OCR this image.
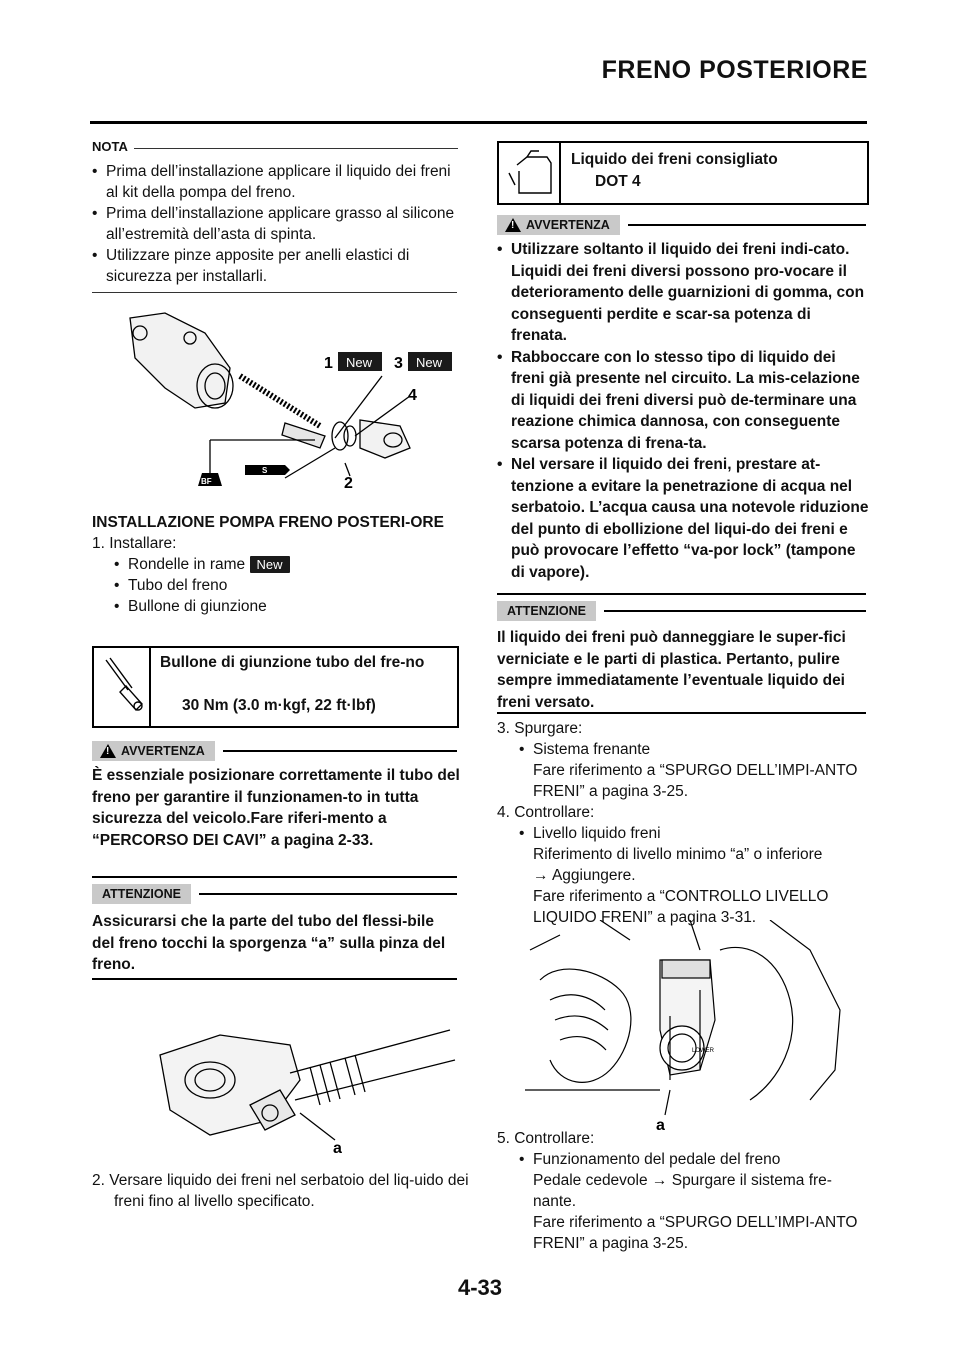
FRENO POSTERIORE
NOTA
• Prima dell’installazione applicare il liquido dei freni al kit della pompa del freno.
• Prima dell’installazione applicare grasso al silicone all’estremità dell’asta di spinta.
• Utilizzare pinze apposite per anelli elastici di sicurezza per installarli.
BF
S
1 New 3 New
4
2
INSTALLAZIONE POMPA FRENO POSTERI-ORE
1. Installare:
• Rondelle in rame New
• Tubo del freno
• Bullone di giunzione
Bullone di giunzione tubo del fre-no
30 Nm (3.0 m·kgf, 22 ft·lbf)
! AVVERTENZA
È essenziale posizionare correttamente il tubo del freno per garantire il funzionamen-to in tutta sicurezza del veicolo.Fare riferi-mento a “PERCORSO DEI CAVI” a pagina 2-33.
ATTENZIONE
Assicurarsi che la parte del tubo del flessi-bile del freno tocchi la sporgenza “a” sulla pinza del freno.
a
2. Versare liquido dei freni nel serbatoio del liq-uido dei freni fino al livello specificato.
Liquido dei freni consigliato
DOT 4
! AVVERTENZA
• Utilizzare soltanto il liquido dei freni indi-cato. Liquidi dei freni diversi possono pro-vocare il deterioramento delle guarnizioni di gomma, con conseguenti perdite e scar-sa potenza di frenata.
• Rabboccare con lo stesso tipo di liquido dei freni già presente nel circuito. La mis-celazione di liquidi dei freni diversi può de-terminare una reazione chimica dannosa, con conseguente scarsa potenza di frena-ta.
• Nel versare il liquido dei freni, prestare at-tenzione a evitare la penetrazione di acqua nel serbatoio. L’acqua causa una notevole riduzione del punto di ebollizione del liqui-do dei freni e può provocare l’effetto “va-por lock” (tampone di vapore).
ATTENZIONE
Il liquido dei freni può danneggiare le super-fici verniciate e le parti di plastica. Pertanto, pulire sempre immediatamente l’eventuale liquido dei freni versato.
3. Spurgare:
• Sistema frenante
Fare riferimento a “SPURGO DELL’IMPI-ANTO FRENI” a pagina 3-25.
4. Controllare:
• Livello liquido freni
Riferimento di livello minimo “a” o inferiore
→ Aggiungere.
Fare riferimento a “CONTROLLO LIVELLO LIQUIDO FRENI” a pagina 3-31.
LOWER
a
5. Controllare:
• Funzionamento del pedale del freno
Pedale cedevole → Spurgare il sistema fre-nante.
Fare riferimento a “SPURGO DELL’IMPI-ANTO FRENI” a pagina 3-25.
4-33
